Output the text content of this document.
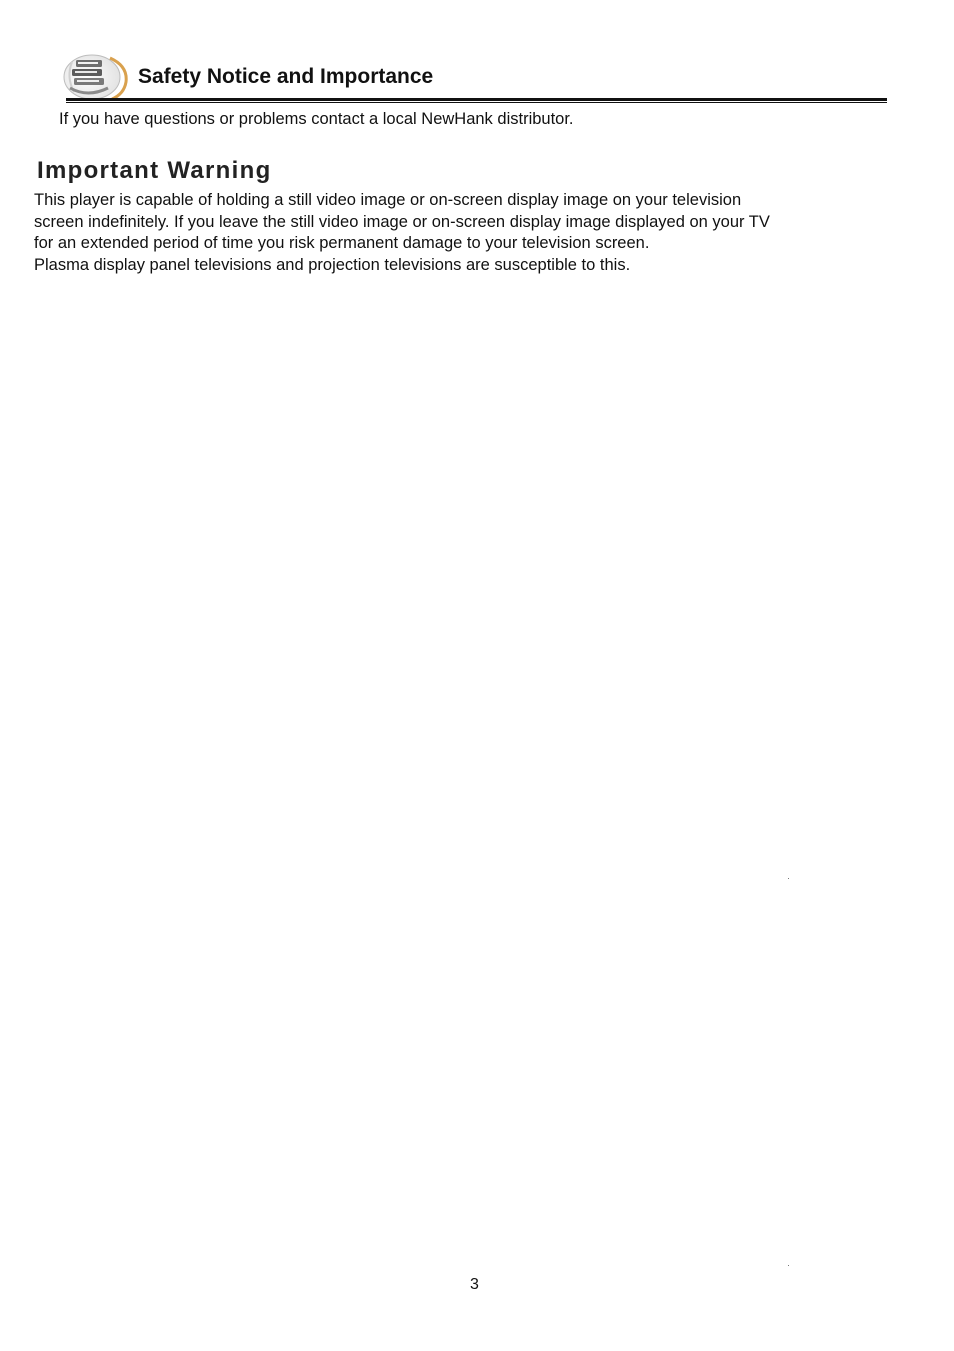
Safety Notice and Importance
If you have questions or problems contact a local NewHank distributor.
Important Warning
This player is capable of holding a still video image or on-screen display image on your television
screen indefinitely. If you leave the still video image or on-screen display image displayed on your TV
for an extended period of time you risk permanent damage to your television screen.
Plasma display panel televisions and projection televisions are susceptible to this.
3
